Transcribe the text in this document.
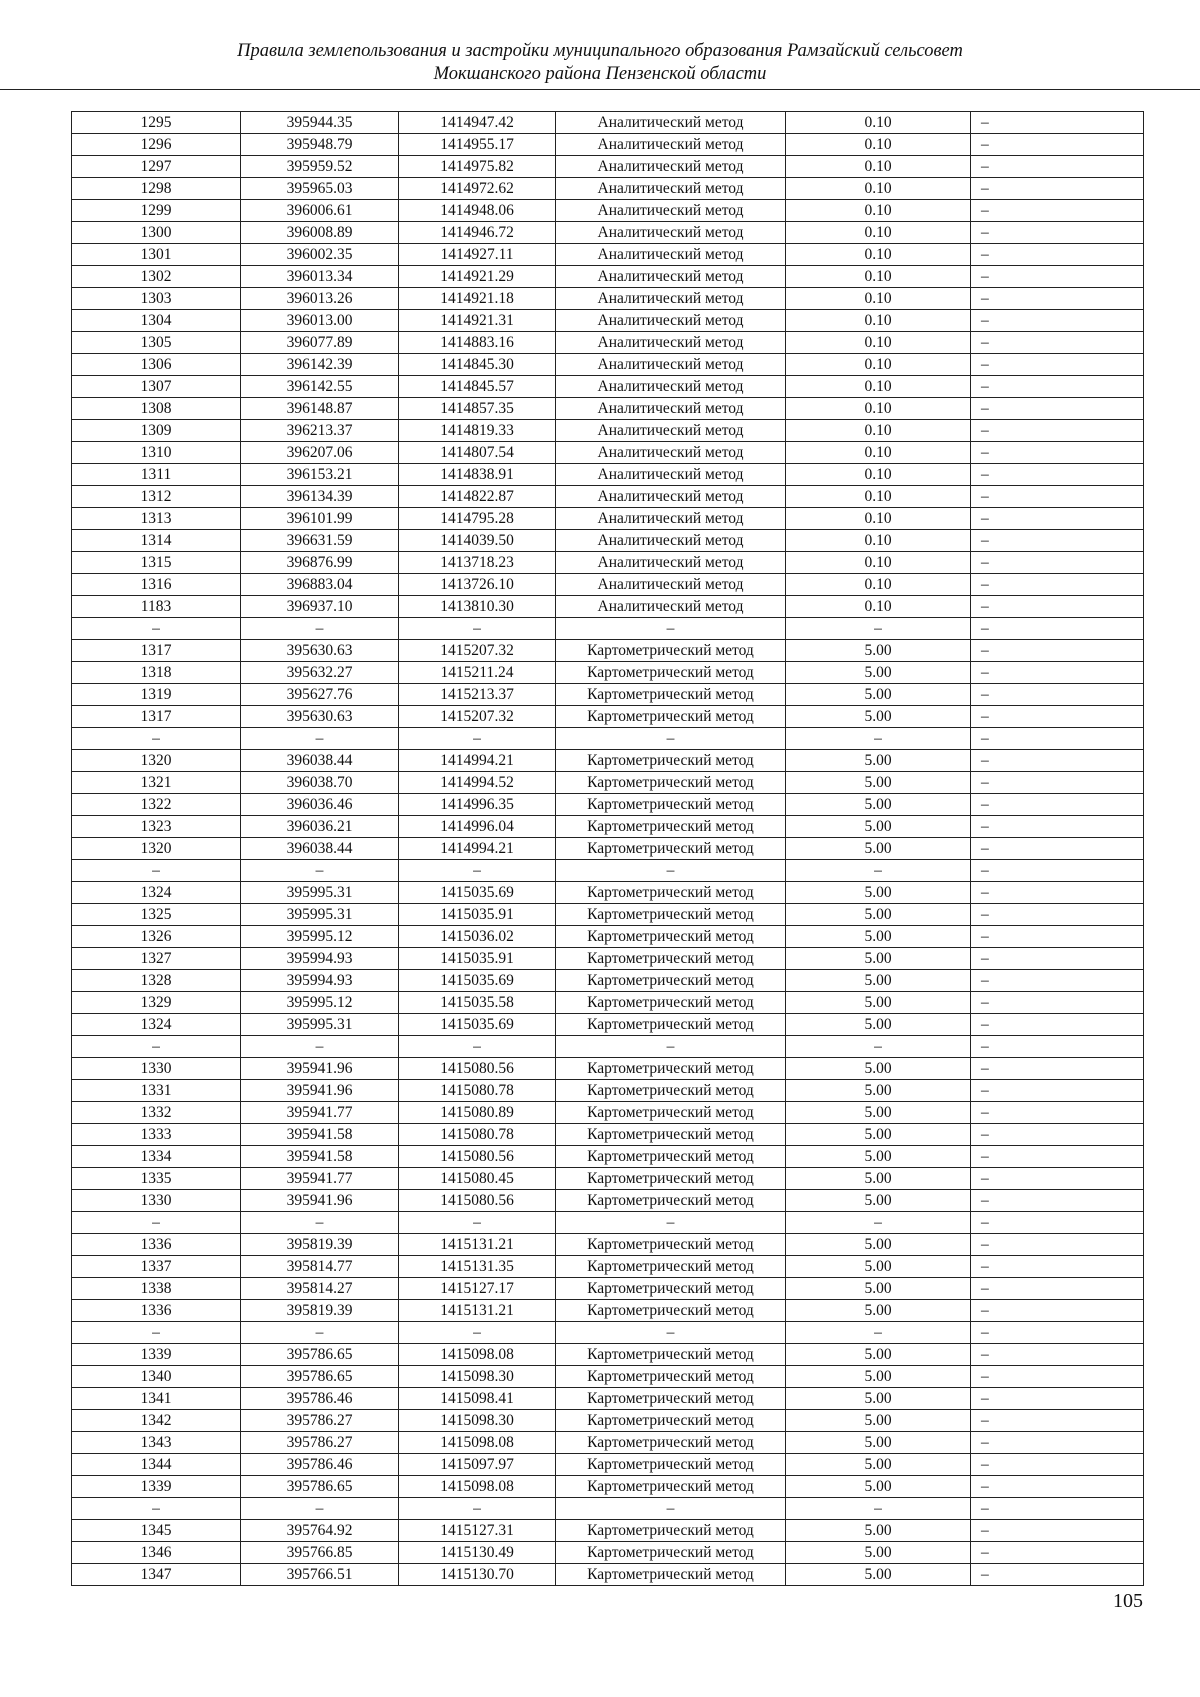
Правила землепользования и застройки муниципального образования Рамзайский сельсовет
Мокшанского района Пензенской области
1295	395944.35	1414947.42	Аналитический метод	0.10	–
1296	395948.79	1414955.17	Аналитический метод	0.10	–
1297	395959.52	1414975.82	Аналитический метод	0.10	–
1298	395965.03	1414972.62	Аналитический метод	0.10	–
1299	396006.61	1414948.06	Аналитический метод	0.10	–
1300	396008.89	1414946.72	Аналитический метод	0.10	–
1301	396002.35	1414927.11	Аналитический метод	0.10	–
1302	396013.34	1414921.29	Аналитический метод	0.10	–
1303	396013.26	1414921.18	Аналитический метод	0.10	–
1304	396013.00	1414921.31	Аналитический метод	0.10	–
1305	396077.89	1414883.16	Аналитический метод	0.10	–
1306	396142.39	1414845.30	Аналитический метод	0.10	–
1307	396142.55	1414845.57	Аналитический метод	0.10	–
1308	396148.87	1414857.35	Аналитический метод	0.10	–
1309	396213.37	1414819.33	Аналитический метод	0.10	–
1310	396207.06	1414807.54	Аналитический метод	0.10	–
1311	396153.21	1414838.91	Аналитический метод	0.10	–
1312	396134.39	1414822.87	Аналитический метод	0.10	–
1313	396101.99	1414795.28	Аналитический метод	0.10	–
1314	396631.59	1414039.50	Аналитический метод	0.10	–
1315	396876.99	1413718.23	Аналитический метод	0.10	–
1316	396883.04	1413726.10	Аналитический метод	0.10	–
1183	396937.10	1413810.30	Аналитический метод	0.10	–
–	–	–	–	–	–
1317	395630.63	1415207.32	Картометрический метод	5.00	–
1318	395632.27	1415211.24	Картометрический метод	5.00	–
1319	395627.76	1415213.37	Картометрический метод	5.00	–
1317	395630.63	1415207.32	Картометрический метод	5.00	–
–	–	–	–	–	–
1320	396038.44	1414994.21	Картометрический метод	5.00	–
1321	396038.70	1414994.52	Картометрический метод	5.00	–
1322	396036.46	1414996.35	Картометрический метод	5.00	–
1323	396036.21	1414996.04	Картометрический метод	5.00	–
1320	396038.44	1414994.21	Картометрический метод	5.00	–
–	–	–	–	–	–
1324	395995.31	1415035.69	Картометрический метод	5.00	–
1325	395995.31	1415035.91	Картометрический метод	5.00	–
1326	395995.12	1415036.02	Картометрический метод	5.00	–
1327	395994.93	1415035.91	Картометрический метод	5.00	–
1328	395994.93	1415035.69	Картометрический метод	5.00	–
1329	395995.12	1415035.58	Картометрический метод	5.00	–
1324	395995.31	1415035.69	Картометрический метод	5.00	–
–	–	–	–	–	–
1330	395941.96	1415080.56	Картометрический метод	5.00	–
1331	395941.96	1415080.78	Картометрический метод	5.00	–
1332	395941.77	1415080.89	Картометрический метод	5.00	–
1333	395941.58	1415080.78	Картометрический метод	5.00	–
1334	395941.58	1415080.56	Картометрический метод	5.00	–
1335	395941.77	1415080.45	Картометрический метод	5.00	–
1330	395941.96	1415080.56	Картометрический метод	5.00	–
–	–	–	–	–	–
1336	395819.39	1415131.21	Картометрический метод	5.00	–
1337	395814.77	1415131.35	Картометрический метод	5.00	–
1338	395814.27	1415127.17	Картометрический метод	5.00	–
1336	395819.39	1415131.21	Картометрический метод	5.00	–
–	–	–	–	–	–
1339	395786.65	1415098.08	Картометрический метод	5.00	–
1340	395786.65	1415098.30	Картометрический метод	5.00	–
1341	395786.46	1415098.41	Картометрический метод	5.00	–
1342	395786.27	1415098.30	Картометрический метод	5.00	–
1343	395786.27	1415098.08	Картометрический метод	5.00	–
1344	395786.46	1415097.97	Картометрический метод	5.00	–
1339	395786.65	1415098.08	Картометрический метод	5.00	–
–	–	–	–	–	–
1345	395764.92	1415127.31	Картометрический метод	5.00	–
1346	395766.85	1415130.49	Картометрический метод	5.00	–
1347	395766.51	1415130.70	Картометрический метод	5.00	–
105
